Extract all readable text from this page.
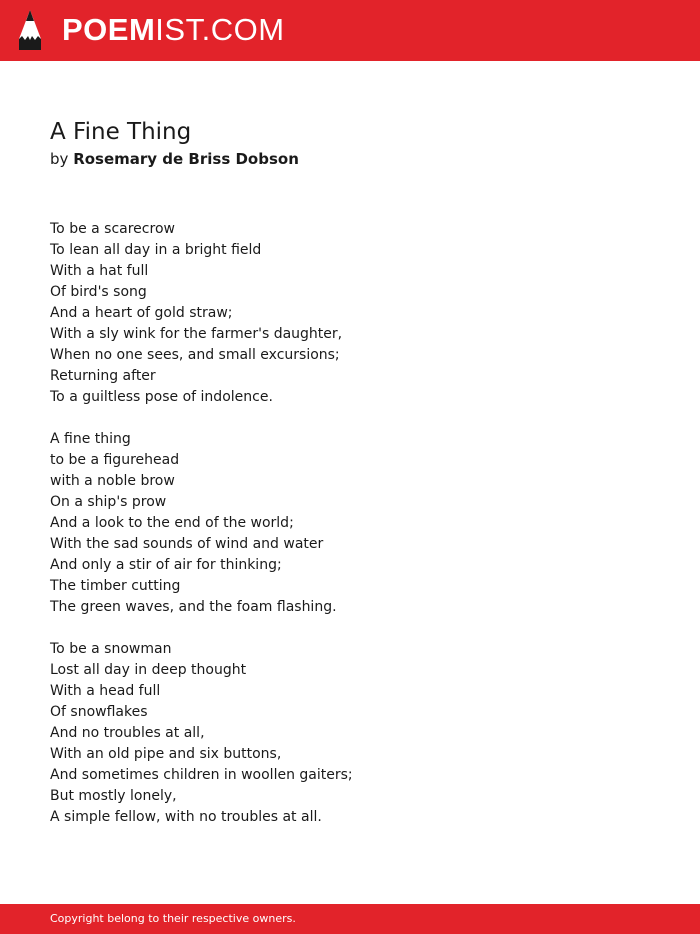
POEMIST.COM
A Fine Thing
by Rosemary de Briss Dobson
To be a scarecrow
To lean all day in a bright field
With a hat full
Of bird's song
And a heart of gold straw;
With a sly wink for the farmer's daughter,
When no one sees, and small excursions;
Returning after
To a guiltless pose of indolence.
A fine thing
to be a figurehead
with a noble brow
On a ship's prow
And a look to the end of the world;
With the sad sounds of wind and water
And only a stir of air for thinking;
The timber cutting
The green waves, and the foam flashing.
To be a snowman
Lost all day in deep thought
With a head full
Of snowflakes
And no troubles at all,
With an old pipe and six buttons,
And sometimes children in woollen gaiters;
But mostly lonely,
A simple fellow, with no troubles at all.
Copyright belong to their respective owners.
